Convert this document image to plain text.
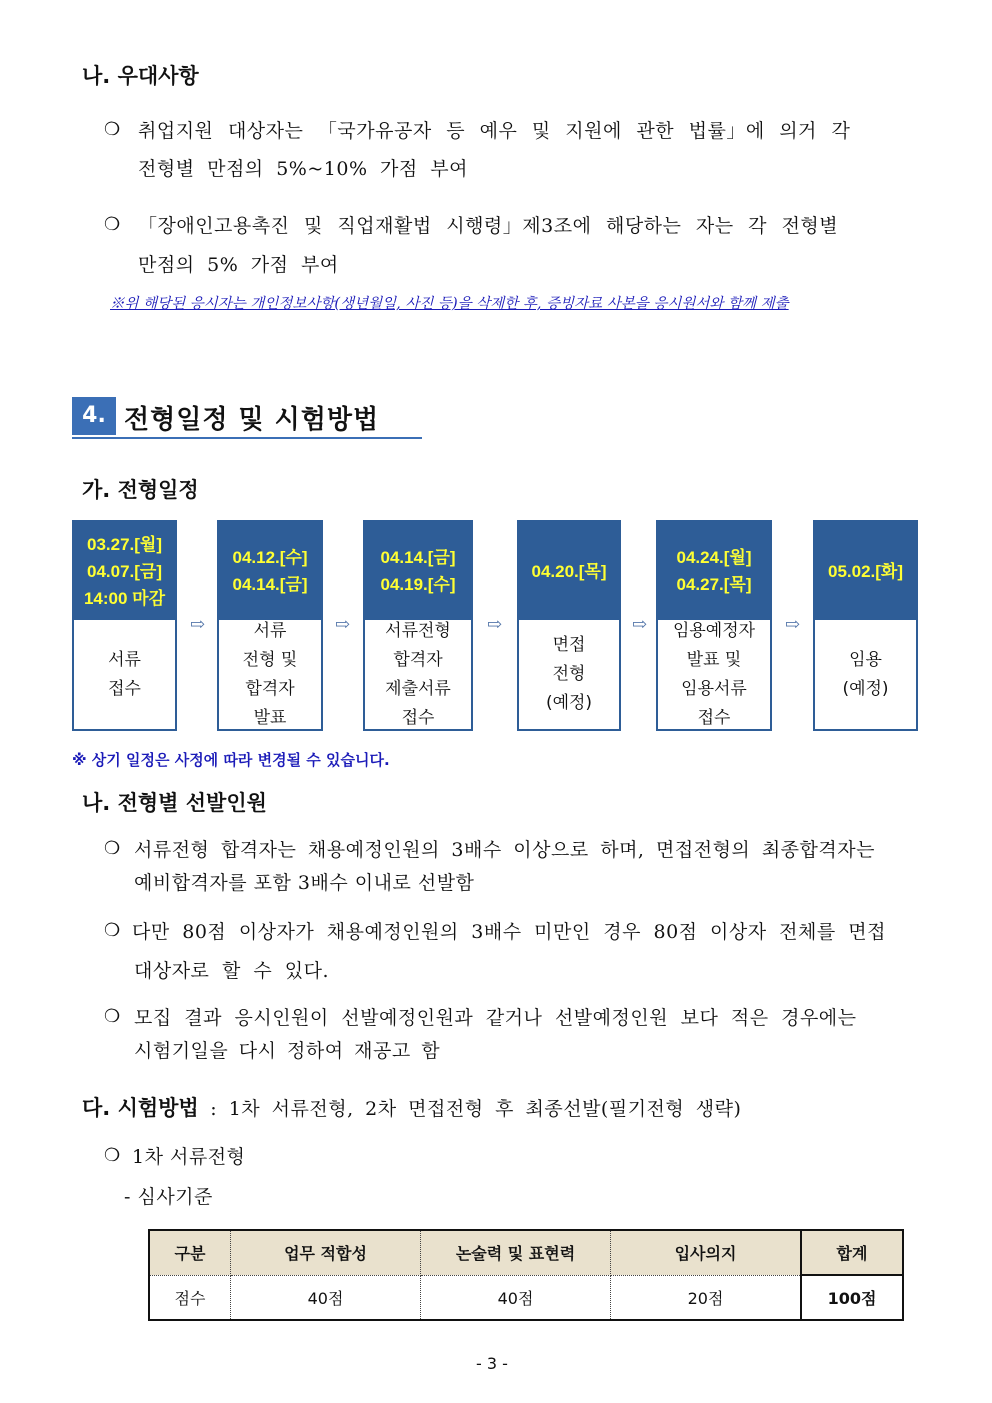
나. 우대사항
❍ 취업지원 대상자는 「국가유공자 등 예우 및 지원에 관한 법률」에 의거 각
전형별 만점의 5%~10% 가점 부여
❍ 「장애인고용촉진 및 직업재활법 시행령」제3조에 해당하는 자는 각 전형별
만점의 5% 가점 부여
※위 해당된 응시자는 개인정보사항(생년월일, 사진 등)을 삭제한 후, 증빙자료 사본을 응시원서와 함께 제출
4. 전형일정 및 시험방법
가. 전형일정
03.27.[월]
04.07.[금]
14:00 마감
서류
접수
⇨
04.12.[수]
04.14.[금]
서류
전형 및
합격자
발표
⇨
04.14.[금]
04.19.[수]
서류전형
합격자
제출서류
접수
⇨
04.20.[목]
면접
전형
(예정)
⇨
04.24.[월]
04.27.[목]
임용예정자
발표 및
임용서류
접수
⇨
05.02.[화]
임용
(예정)
※ 상기 일정은 사정에 따라 변경될 수 있습니다.
나. 전형별 선발인원
❍ 서류전형 합격자는 채용예정인원의 3배수 이상으로 하며, 면접전형의 최종합격자는
예비합격자를 포함 3배수 이내로 선발함
❍ 다만 80점 이상자가 채용예정인원의 3배수 미만인 경우 80점 이상자 전체를 면접
대상자로 할 수 있다.
❍ 모집 결과 응시인원이 선발예정인원과 같거나 선발예정인원 보다 적은 경우에는
시험기일을 다시 정하여 재공고 함
다. 시험방법 : 1차 서류전형, 2차 면접전형 후 최종선발(필기전형 생략)
❍ 1차 서류전형
- 심사기준
구분	업무 적합성	논술력 및 표현력	입사의지	합계
점수	40점	40점	20점	100점
- 3 -
